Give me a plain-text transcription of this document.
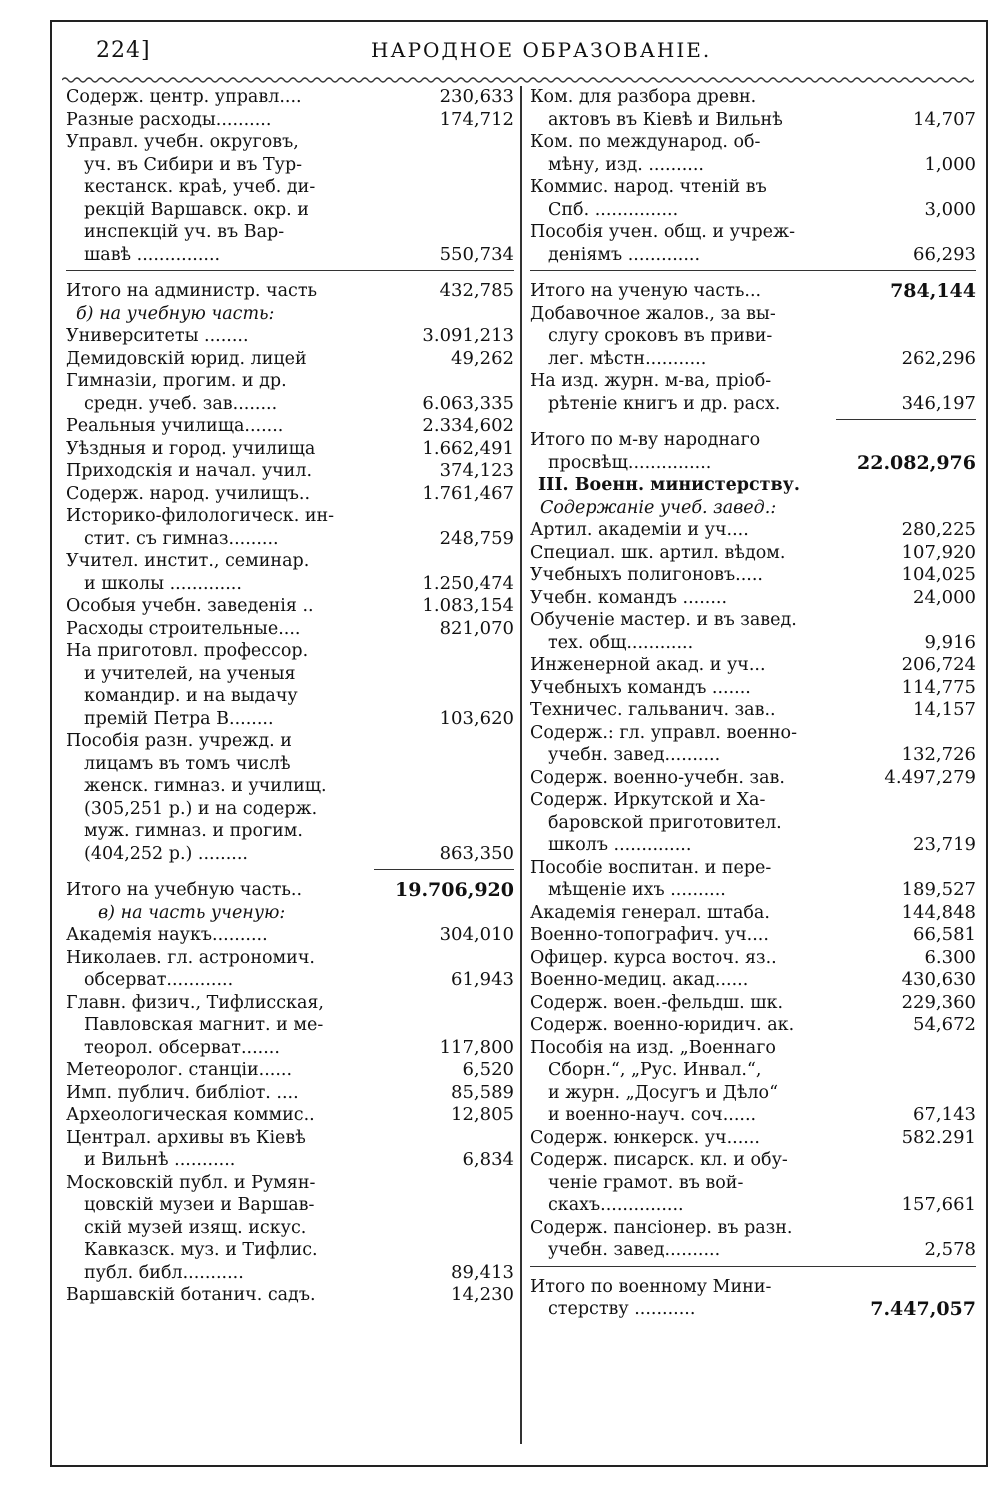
224]	НАРОДНОЕ ОБРАЗОВАНІЕ.
Содерж. центр. управл....	230,633
Разные расходы..........	174,712
Управл. учебн. округовъ,
уч. въ Сибири и въ Тур-
кестанск. краѣ, учеб. ди-
рекцій Варшавск. окр. и
инспекцій уч. въ Вар-
шавѣ ...............	550,734
Итого на администр. часть	432,785
б) на учебную часть:
Университеты ........	3.091,213
Демидовскій юрид. лицей	49,262
Гимназіи, прогим. и др.
средн. учеб. зав........	6.063,335
Реальныя училища.......	2.334,602
Уѣздныя и город. училища	1.662,491
Приходскія и начал. учил.	374,123
Содерж. народ. училищъ..	1.761,467
Историко-филологическ. ин-
стит. съ гимназ.........	248,759
Учител. инстит., семинар.
и школы .............	1.250,474
Особыя учебн. заведенія ..	1.083,154
Расходы строительные....	821,070
На приготовл. профессор.
и учителей, на ученыя
командир. и на выдачу
премій Петра В........	103,620
Пособія разн. учрежд. и
лицамъ въ томъ числѣ
женск. гимназ. и училищ.
(305,251 р.) и на содерж.
муж. гимназ. и прогим.
(404,252 р.) .........	863,350
Итого на учебную часть..	19.706,920
в) на часть ученую:
Академія наукъ..........	304,010
Николаев. гл. астрономич.
обсерват............	61,943
Главн. физич., Тифлисская,
Павловская магнит. и ме-
теорол. обсерват.......	117,800
Метеоролог. станціи......	6,520
Имп. публич. библіот. ....	85,589
Археологическая коммис..	12,805
Централ. архивы въ Кіевѣ
и Вильнѣ ...........	6,834
Московскій публ. и Румян-
цовскій музеи и Варшав-
скій музей изящ. искус.
Кавказск. муз. и Тифлис.
публ. библ...........	89,413
Варшавскій ботанич. садъ.	14,230
Ком. для разбора древн.
актовъ въ Кіевѣ и Вильнѣ	14,707
Ком. по международ. об-
мѣну, изд. ..........	1,000
Коммис. народ. чтеній въ
Спб. ...............	3,000
Пособія учен. общ. и учреж-
деніямъ .............	66,293
Итого на ученую часть...	784,144
Добавочное жалов., за вы-
слугу сроковъ въ приви-
лег. мѣстн...........	262,296
На изд. журн. м-ва, пріоб-
рѣтеніе книгъ и др. расх.	346,197
Итого по м-ву народнаго
просвѣщ...............	22.082,976
III. Военн. министерству.
Содержаніе учеб. завед.:
Артил. академіи и уч....	280,225
Специал. шк. артил. вѣдом.	107,920
Учебныхъ полигоновъ.....	104,025
Учебн. командъ ........	24,000
Обученіе мастер. и въ завед.
тех. общ............	9,916
Инженерной акад. и уч...	206,724
Учебныхъ командъ .......	114,775
Техничес. гальванич. зав..	14,157
Содерж.: гл. управл. военно-
учебн. завед..........	132,726
Содерж. военно-учебн. зав.	4.497,279
Содерж. Иркутской и Ха-
баровской приготовител.
школъ ..............	23,719
Пособіе воспитан. и пере-
мѣщеніе ихъ ..........	189,527
Академія генерал. штаба.	144,848
Военно-топографич. уч....	66,581
Офицер. курса восточ. яз..	6.300
Военно-медиц. акад......	430,630
Содерж. воен.-фельдш. шк.	229,360
Содерж. военно-юридич. ак.	54,672
Пособія на изд. „Военнаго
Сборн.“, „Рус. Инвал.“,
и журн. „Досугъ и Дѣло“
и военно-науч. соч......	67,143
Содерж. юнкерск. уч......	582.291
Содерж. писарск. кл. и обу-
ченіе грамот. въ вой-
скахъ...............	157,661
Содерж. пансіонер. въ разн.
учебн. завед..........	2,578
Итого по военному Мини-
стерству ...........	7.447,057
